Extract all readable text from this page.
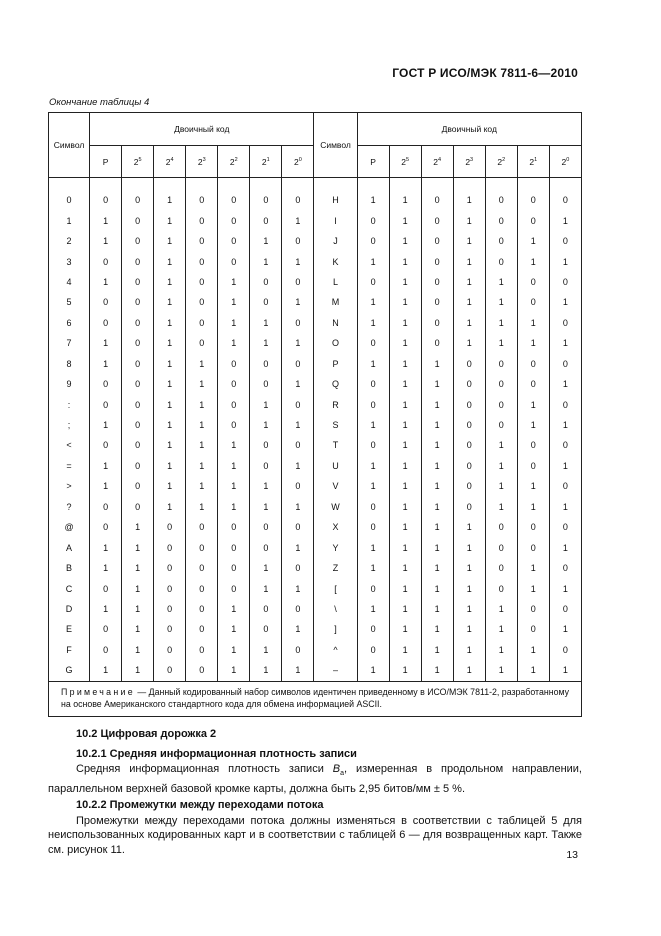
ГОСТ Р ИСО/МЭК 7811-6—2010
Окончание таблицы 4
Символ	Двоичный код							Символ	Двоичный код						
	P	$2^5$	$2^4$	$2^3$	$2^2$	$2^1$	$2^0$		P	$2^5$	$2^4$	$2^3$	$2^2$	$2^1$	$2^0$

0	0	0	1	0	0	0	0	H	1	1	0	1	0	0	0
1	1	0	1	0	0	0	1	I	0	1	0	1	0	0	1
2	1	0	1	0	0	1	0	J	0	1	0	1	0	1	0
3	0	0	1	0	0	1	1	K	1	1	0	1	0	1	1
4	1	0	1	0	1	0	0	L	0	1	0	1	1	0	0
5	0	0	1	0	1	0	1	M	1	1	0	1	1	0	1
6	0	0	1	0	1	1	0	N	1	1	0	1	1	1	0
7	1	0	1	0	1	1	1	O	0	1	0	1	1	1	1
8	1	0	1	1	0	0	0	P	1	1	1	0	0	0	0
9	0	0	1	1	0	0	1	Q	0	1	1	0	0	0	1
:	0	0	1	1	0	1	0	R	0	1	1	0	0	1	0
;	1	0	1	1	0	1	1	S	1	1	1	0	0	1	1
<	0	0	1	1	1	0	0	T	0	1	1	0	1	0	0
=	1	0	1	1	1	0	1	U	1	1	1	0	1	0	1
>	1	0	1	1	1	1	0	V	1	1	1	0	1	1	0
?	0	0	1	1	1	1	1	W	0	1	1	0	1	1	1
@	0	1	0	0	0	0	0	X	0	1	1	1	0	0	0
A	1	1	0	0	0	0	1	Y	1	1	1	1	0	0	1
B	1	1	0	0	0	1	0	Z	1	1	1	1	0	1	0
C	0	1	0	0	0	1	1	[	0	1	1	1	0	1	1
D	1	1	0	0	1	0	0	\	1	1	1	1	1	0	0
E	0	1	0	0	1	0	1	]	0	1	1	1	1	0	1
F	0	1	0	0	1	1	0	^	0	1	1	1	1	1	0
G	1	1	0	0	1	1	1	–	1	1	1	1	1	1	1
Примечание — Данный кодированный набор символов идентичен приведенному в ИСО/МЭК 7811-2, разработанному на основе Американского стандартного кода для обмена информацией ASCII.															
10.2 Цифровая дорожка 2
10.2.1 Средняя информационная плотность записи
Средняя информационная плотность записи $B_a$, измеренная в продольном направлении, параллельном верхней базовой кромке карты, должна быть 2,95 битов/мм ± 5 %.
10.2.2 Промежутки между переходами потока
Промежутки между переходами потока должны изменяться в соответствии с таблицей 5 для неиспользованных кодированных карт и в соответствии с таблицей 6 — для возвращенных карт. Также см. рисунок 11.	13
